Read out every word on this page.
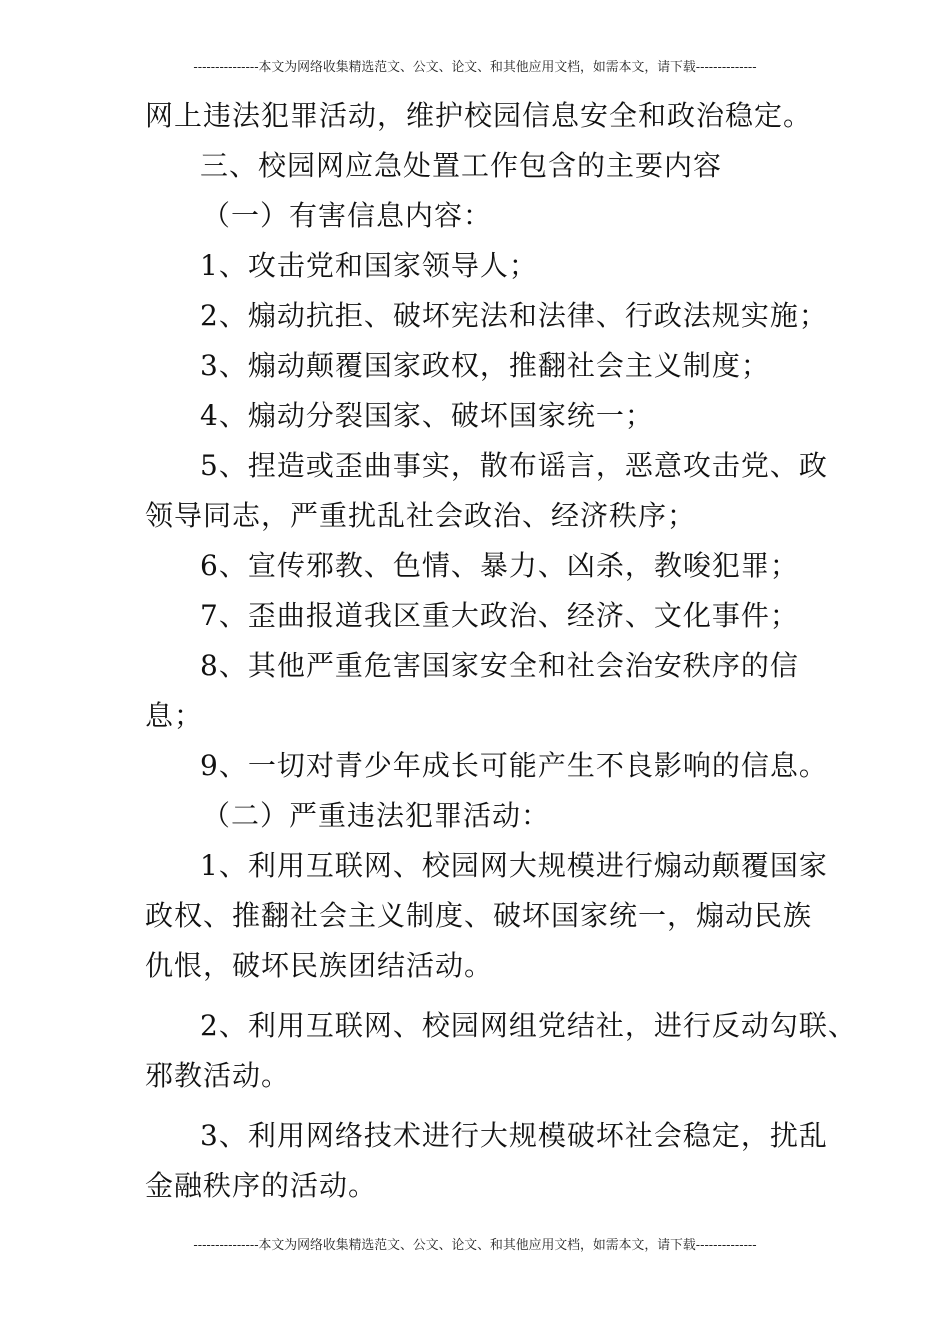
---------------本文为网络收集精选范文、公文、论文、和其他应用文档，如需本文，请下载--------------
网上违法犯罪活动，维护校园信息安全和政治稳定。
三、校园网应急处置工作包含的主要内容
（一）有害信息内容：
1、攻击党和国家领导人；
2、煽动抗拒、破坏宪法和法律、行政法规实施；
3、煽动颠覆国家政权，推翻社会主义制度；
4、煽动分裂国家、破坏国家统一；
5、捏造或歪曲事实，散布谣言，恶意攻击党、政
领导同志，严重扰乱社会政治、经济秩序；
6、宣传邪教、色情、暴力、凶杀，教唆犯罪；
7、歪曲报道我区重大政治、经济、文化事件；
8、其他严重危害国家安全和社会治安秩序的信
息；
9、一切对青少年成长可能产生不良影响的信息。
（二）严重违法犯罪活动：
1、利用互联网、校园网大规模进行煽动颠覆国家
政权、推翻社会主义制度、破坏国家统一，煽动民族
仇恨，破坏民族团结活动。
2、利用互联网、校园网组党结社，进行反动勾联、
邪教活动。
3、利用网络技术进行大规模破坏社会稳定，扰乱
金融秩序的活动。
---------------本文为网络收集精选范文、公文、论文、和其他应用文档，如需本文，请下载--------------
